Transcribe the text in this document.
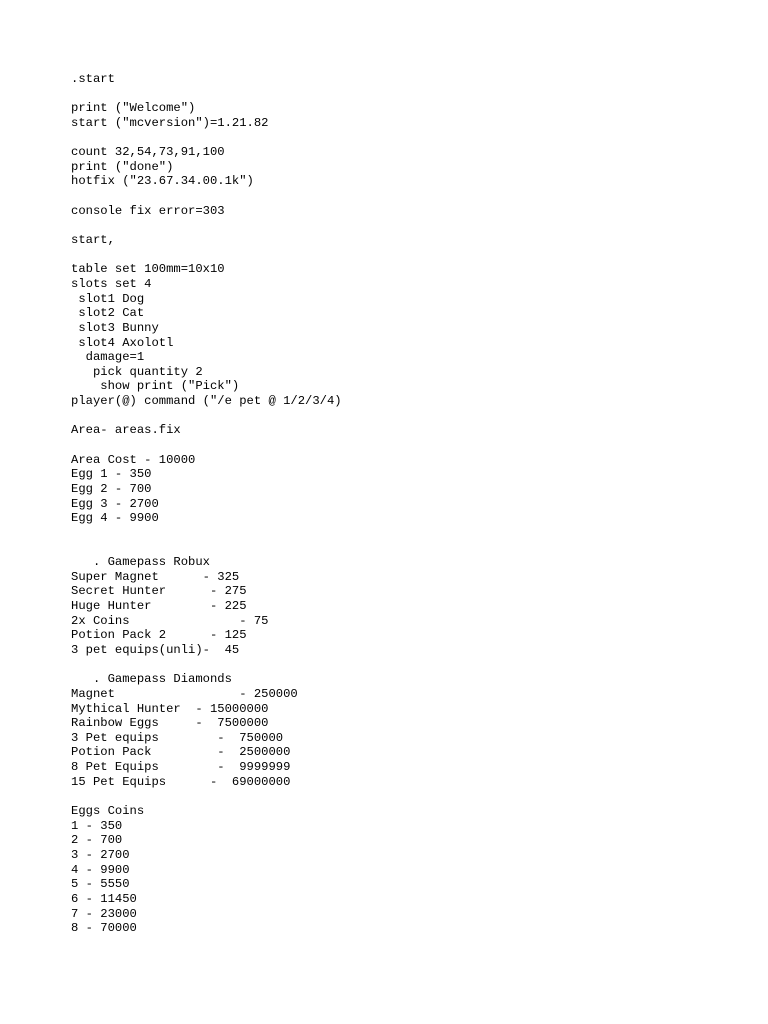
.start
print ("Welcome")
start ("mcversion")=1.21.82
count 32,54,73,91,100
print ("done")
hotfix ("23.67.34.00.1k")
console fix error=303
start,
table set 100mm=10x10
slots set 4
slot1 Dog
slot2 Cat
slot3 Bunny
slot4 Axolotl
damage=1
pick quantity 2
show print ("Pick")
player(@) command ("/e pet @ 1/2/3/4)
Area- areas.fix
Area Cost - 10000
Egg 1 - 350
Egg 2 - 700
Egg 3 - 2700
Egg 4 - 9900
. Gamepass Robux
Super Magnet      - 325
Secret Hunter      - 275
Huge Hunter        - 225
2x Coins               - 75
Potion Pack 2      - 125
3 pet equips(unli)-  45
. Gamepass Diamonds
Magnet                 - 250000
Mythical Hunter  - 15000000
Rainbow Eggs     -  7500000
3 Pet equips        -  750000
Potion Pack         -  2500000
8 Pet Equips        -  9999999
15 Pet Equips      -  69000000
Eggs Coins
1 - 350
2 - 700
3 - 2700
4 - 9900
5 - 5550
6 - 11450
7 - 23000
8 - 70000
